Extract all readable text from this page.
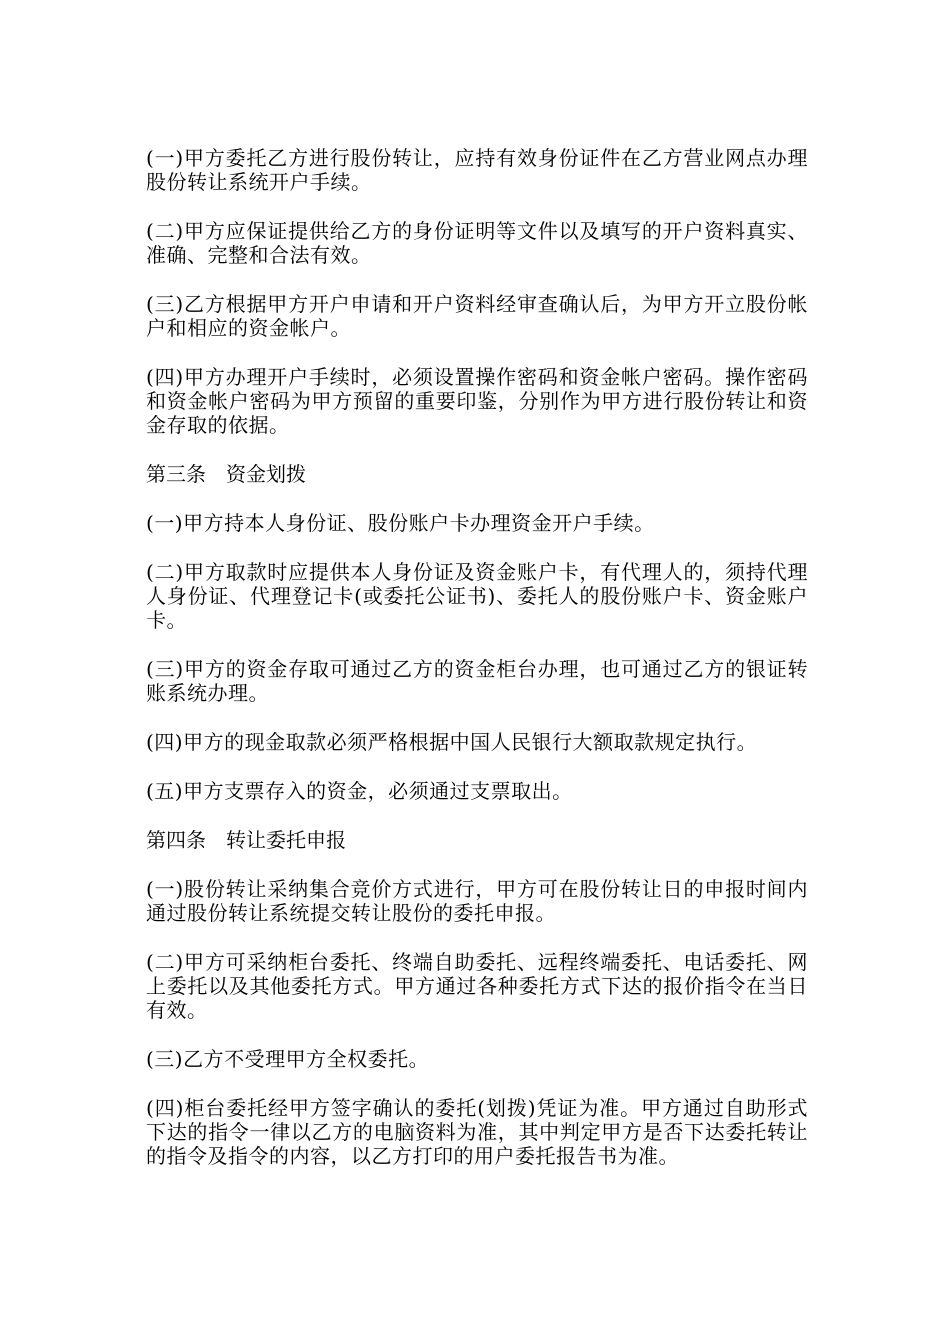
(一)甲方委托乙方进行股份转让，应持有效身份证件在乙方营业网点办理股份转让系统开户手续。

(二)甲方应保证提供给乙方的身份证明等文件以及填写的开户资料真实、准确、完整和合法有效。

(三)乙方根据甲方开户申请和开户资料经审查确认后，为甲方开立股份帐户和相应的资金帐户。

(四)甲方办理开户手续时，必须设置操作密码和资金帐户密码。操作密码和资金帐户密码为甲方预留的重要印鉴，分别作为甲方进行股份转让和资金存取的依据。

第三条　资金划拨

(一)甲方持本人身份证、股份账户卡办理资金开户手续。

(二)甲方取款时应提供本人身份证及资金账户卡，有代理人的，须持代理人身份证、代理登记卡(或委托公证书)、委托人的股份账户卡、资金账户卡。

(三)甲方的资金存取可通过乙方的资金柜台办理，也可通过乙方的银证转账系统办理。

(四)甲方的现金取款必须严格根据中国人民银行大额取款规定执行。

(五)甲方支票存入的资金，必须通过支票取出。

第四条　转让委托申报

(一)股份转让采纳集合竞价方式进行，甲方可在股份转让日的申报时间内通过股份转让系统提交转让股份的委托申报。

(二)甲方可采纳柜台委托、终端自助委托、远程终端委托、电话委托、网上委托以及其他委托方式。甲方通过各种委托方式下达的报价指令在当日有效。

(三)乙方不受理甲方全权委托。

(四)柜台委托经甲方签字确认的委托(划拨)凭证为准。甲方通过自助形式下达的指令一律以乙方的电脑资料为准，其中判定甲方是否下达委托转让的指令及指令的内容，以乙方打印的用户委托报告书为准。
